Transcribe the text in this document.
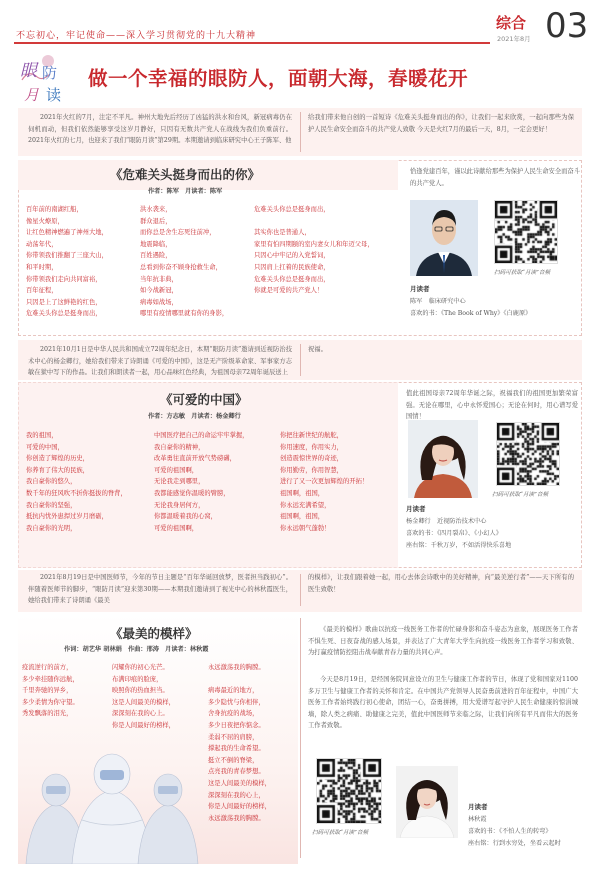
不忘初心，牢记使命——深入学习贯彻党的十九大精神
综合 03
2021年8月
眼 防
月 读
做一个幸福的眼防人，面朝大海，春暖花开
2021年火红的7月，注定不平凡。神州大地先后经历了凶猛的洪水和台风，新冠病毒仍在伺机而动，但我们依然能够享受这岁月静好，只因有无数共产党人在战线为我们负重前行。2021年火红的七月，也迎来了我们“眼防月读”第29期。本期邀请到临床研究中心王子陈军、他
给我们带来他自创的一首短诗《危难关头挺身而出的你》，让我们一起来欣赏，一起向那些为保护人民生命安全而奋斗的共产党人致敬 今天是火红7月的最后一天，8月，一定会更好！
《危难关头挺身而出的你》
作者：陈军　月读者：陈军
百年前的南湖红船，
像星火燎原，
让红色精神燃遍了神州大地，
动荡年代，
你带领我们推翻了三座大山，
和平时期，
你带领我们走向共同富裕，
百年征程，
只因是上了这鲜艳的红色，
危难关头你总是挺身而出，
洪水袭来，
群众退后，
而你总是舍生忘死往前冲，
地震降临，
百姓遇险，
总看到你奋不顾身抢救生命，
当年抗非典，
如今战新冠，
病毒如战场，
哪里有疫情哪里就有你的身影，
危难关头你总是挺身而出，

其实你也是普通人，
家里有怕四期颐的室内妻女儿和年迈父母，
只因心中牢记的入党誓词，
只因肩上扛着的民族使命，
危难关头你总是挺身而出，
你就是可爱的共产党人！
恰逢党建百年，谨以此诗献给那些为保护人民生命安全而奋斗的共产党人。
扫码可获取“月读”音频
月读者
陈军　临床研究中心
喜欢的书：《The Book of Why》《白鹿原》
2021年10月1日是中华人民共和国成立72周年纪念日，本期“眼防月读”邀请到近视防治技术中心的杨金卿行，她给我们带来了诗朗诵《可爱的中国》，这是无产阶级革命家、军事家方志敏在狱中写下的作品。让我们和朗读者一起，用心品味红色经典，为祖国母亲72周年诞辰送上
祝福。
《可爱的中国》
作者：方志敏　月读者：杨金卿行
我的祖国，
可爱的中国，
你创造了辉煌的历史，
你养育了伟大的民族，
我自豪你的悠久，
数千年的狂风吹不折你挺拔的脊背，
我自豪你的坚强，
抵抗内忧外患捍过岁月磨砺，
我自豪你的光明，
中国医疗把自己的命运牢牢掌握，
我自豪你的精神，
改革勇往直前开放气势磅礴，
可爱的祖国啊，
无论我走到哪里，
我都能感觉你温暖的臂膀，
无论我身居何方，
你都温暖着我的心窝，
可爱的祖国啊，
你把往新世纪的航舵，
你用速度，你用实力，
创造震惊世界的奇迹，
你用勤劳，你用智慧，
进行了又一次更加辉煌的开拓！
祖国啊，祖国，
你永远充满希望，
祖国啊，祖国，
你永远朝气蓬勃！
值此祖国母亲72周年华诞之际，祝福我们的祖国更加繁荣富强。无论在哪里，心中永怀爱国心；无论在何时，用心谱写爱国情！
扫码可获取“月读”音频
月读者
杨金卿行　近视防治技术中心
喜欢的书：《四月裂帛》、《小幻人》
座右铭：千秋万岁，不如活得快乐喜地
2021年8月19日是中国医师节，今年的节日主题是“百年华诞回放梦，医者担当践初心”。伴随着医师节的脚步，“眼防月读”迎来第30期——本期我们邀请到了视光中心的林秋霞医生，她给我们带来了诗朗诵《最美
的模样》，让我们跟着她一起，用心去体会诗歌中的美好精神，向“最美逆行者”——天下所有的医生致敬！
《最美的模样》
作词：胡艺华 胡林娟　作曲：邢涛　月读者：林秋霞
疫流逆行的前方，
多少牵挂随你远航，
千里奔驰的异乡，
多少柔情为你守望。
秀发飘落的泪光，
闪耀你的初心光芒。
布满印痕的脸庞，
映照你的热血担当。
这是人间最美的模样，
深深刻在我的心上。
你是人间最好的榜样，
永远激荡我的胸膛。

病毒最近的地方，
多少隐忧与你相伴，
舍身抗疫的战场，
多少日夜把你惦念。
柔弱不屈的肩膀，
撑起我的生命希望。
挺立不倒的脊梁，
点亮我的青春梦想。
这是人间最美的模样，
深深刻在我的心上，
你是人间最好的榜样，
永远激荡我的胸膛。
《最美的模样》歌曲以抗疫一线医务工作者的忙碌身影和奋斗姿态为意象，展现医务工作者不惧生死、日夜奋战的感人场景，并表达了广大青年大学生向抗疫一线医务工作者学习和致敬、为打赢疫情防控阻击战奉献青春力量的共同心声。
今天是8月19日，是经国务院同意设立的卫生与健康工作者的节日，体现了党和国家对1100多万卫生与健康工作者的关怀和肯定。在中国共产党领导人民奋勇前进的百年征程中，中国广大医务工作者始终践行初心使命，团结一心，奋勇拼搏，用大爱谱写起守护人民生命健康的惊涓城墙，除人类之病痛、助健康之完美，值此中国医师节来临之际，让我们向所有平凡而伟大的医务工作者致敬。
扫码可获取“月读”音频
月读者
林秋霞
喜欢的书：《不怕人生的转弯》
座右铭：行到水穷处，坐看云起时
